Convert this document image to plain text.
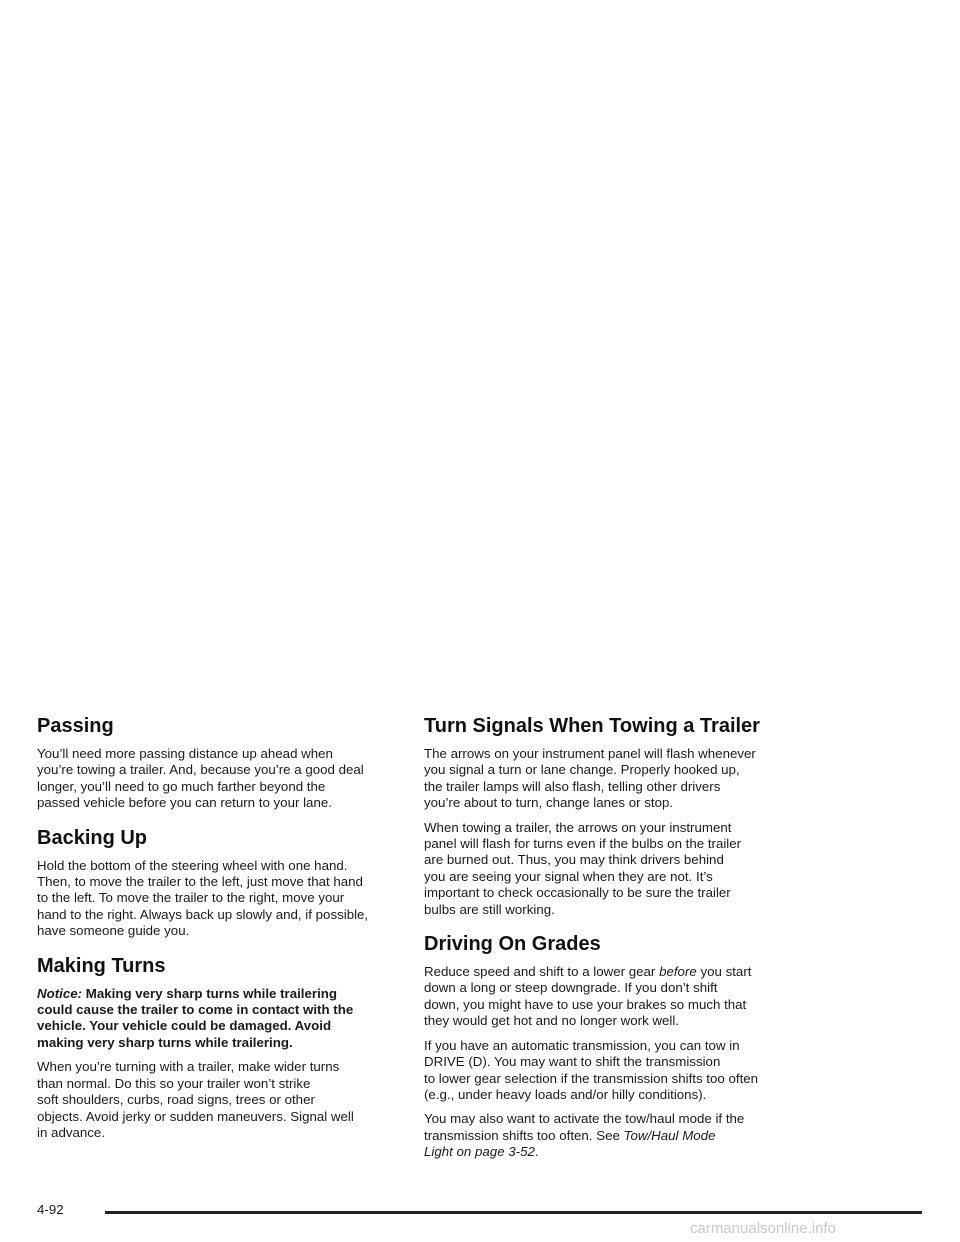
Passing

You’ll need more passing distance up ahead when
you’re towing a trailer. And, because you’re a good deal
longer, you’ll need to go much farther beyond the
passed vehicle before you can return to your lane.

Backing Up

Hold the bottom of the steering wheel with one hand.
Then, to move the trailer to the left, just move that hand
to the left. To move the trailer to the right, move your
hand to the right. Always back up slowly and, if possible,
have someone guide you.

Making Turns

Notice: Making very sharp turns while trailering
could cause the trailer to come in contact with the
vehicle. Your vehicle could be damaged. Avoid
making very sharp turns while trailering.

When you’re turning with a trailer, make wider turns
than normal. Do this so your trailer won’t strike
soft shoulders, curbs, road signs, trees or other
objects. Avoid jerky or sudden maneuvers. Signal well
in advance.

Turn Signals When Towing a Trailer

The arrows on your instrument panel will flash whenever
you signal a turn or lane change. Properly hooked up,
the trailer lamps will also flash, telling other drivers
you’re about to turn, change lanes or stop.

When towing a trailer, the arrows on your instrument
panel will flash for turns even if the bulbs on the trailer
are burned out. Thus, you may think drivers behind
you are seeing your signal when they are not. It’s
important to check occasionally to be sure the trailer
bulbs are still working.

Driving On Grades

Reduce speed and shift to a lower gear before you start
down a long or steep downgrade. If you don’t shift
down, you might have to use your brakes so much that
they would get hot and no longer work well.

If you have an automatic transmission, you can tow in
DRIVE (D). You may want to shift the transmission
to lower gear selection if the transmission shifts too often
(e.g., under heavy loads and/or hilly conditions).

You may also want to activate the tow/haul mode if the
transmission shifts too often. See Tow/Haul Mode
Light on page 3-52.

4-92
carmanualsonline.info
